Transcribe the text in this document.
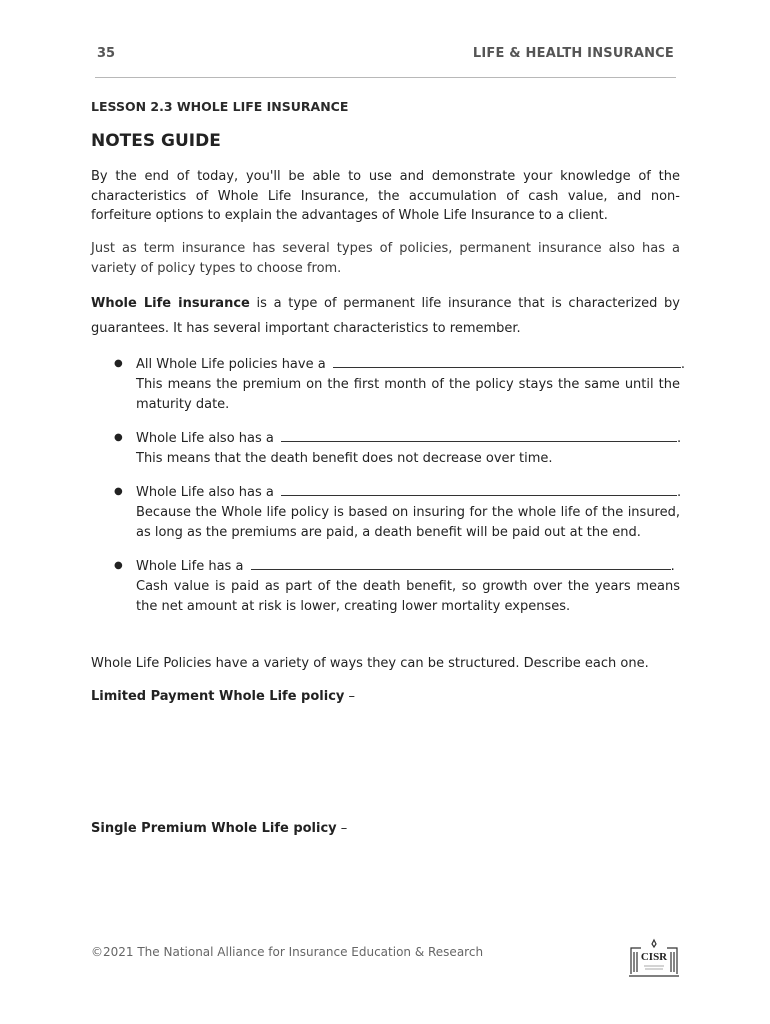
35	LIFE & HEALTH INSURANCE
LESSON 2.3 WHOLE LIFE INSURANCE
NOTES GUIDE

By the end of today, you'll be able to use and demonstrate your knowledge of the characteristics of Whole Life Insurance, the accumulation of cash value, and non-forfeiture options to explain the advantages of Whole Life Insurance to a client.

Just as term insurance has several types of policies, permanent insurance also has a variety of policy types to choose from.

Whole Life insurance is a type of permanent life insurance that is characterized by guarantees. It has several important characteristics to remember.

● All Whole Life policies have a	.
This means the premium on the first month of the policy stays the same until the maturity date.
● Whole Life also has a	.
This means that the death benefit does not decrease over time.
● Whole Life also has a	.
Because the Whole life policy is based on insuring for the whole life of the insured, as long as the premiums are paid, a death benefit will be paid out at the end.
● Whole Life has a	.
Cash value is paid as part of the death benefit, so growth over the years means the net amount at risk is lower, creating lower mortality expenses.

Whole Life Policies have a variety of ways they can be structured. Describe each one.

Limited Payment Whole Life policy –
Single Premium Whole Life policy –
©2021 The National Alliance for Insurance Education & Research	CISR
